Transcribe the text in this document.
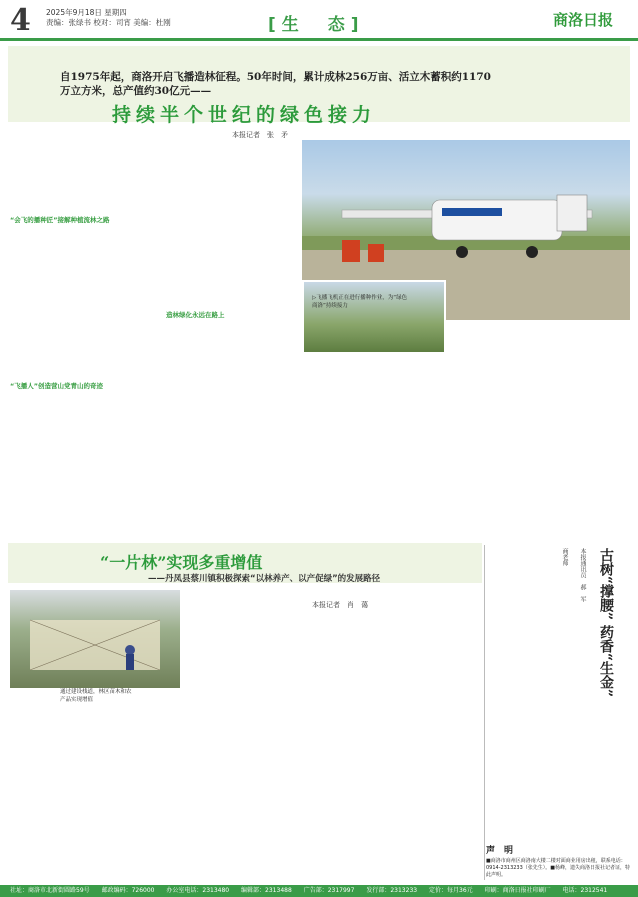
4 2025年9月18日 星期四
责编：张绿书 校对：司宵 美编：杜刚	[生　态]	商洛日报
自1975年起，商洛开启飞播造林征程。50年时间，累计成林256万亩、活立木蓄积约1170万立方米，总产值约30亿元——
持续半个世纪的绿色接力
本报记者　张　矛
“会飞的播种匠”接解种植流林之路
“飞播人”创造营山党青山的奇迹
造林绿化永远在路上
▷飞播飞机正在进行播种作业，为“绿色商洛”持续接力
“一片林”实现多重增值
——丹凤县蔡川镇积极探索“以林养产、以产促绿”的发展路径
本报记者　肖　蔼
通过建设栈道，林区苗木和农产品实现增值
古树“撑腰” 药香“生金”
本报通讯员　郝　军
商老师
声　明
■商洛市商州区商洛南大楼二楼对面商业用房出租，联系电话：0914-2313233（张先生）。■杨峰，遗失商洛日报社记者证，特此声明。
社址：商洛市北新街圆路59号 邮政编码：726000 办公室电话：2313480 编辑部：2313488 广告部：2317997 发行部：2313233 定价：每月36元 印刷：商洛日报社印刷厂 电话：2312541
